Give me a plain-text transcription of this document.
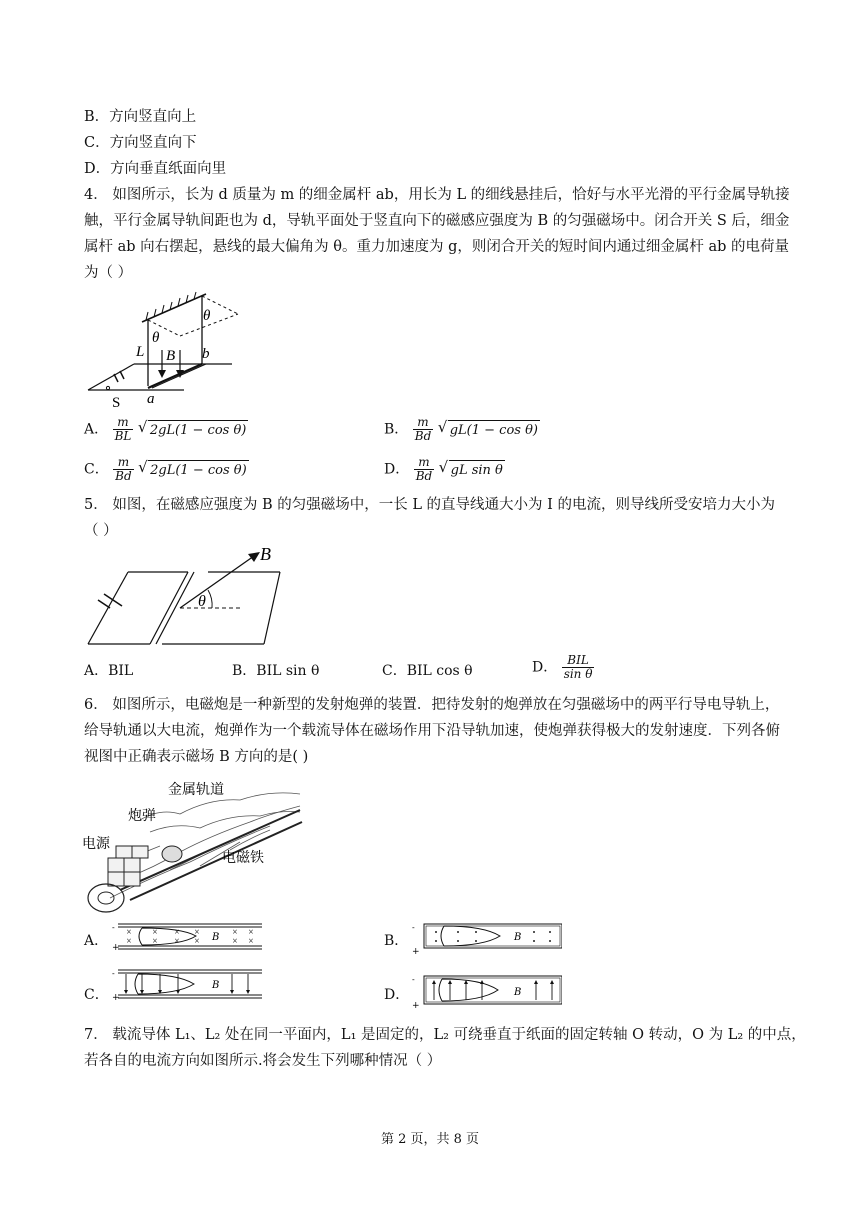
B．方向竖直向上
C．方向竖直向下
D．方向垂直纸面向里
4． 如图所示，长为 d 质量为 m 的细金属杆 ab，用长为 L 的细线悬挂后，恰好与水平光滑的平行金属导轨接
触，平行金属导轨间距也为 d，导轨平面处于竖直向下的磁感应强度为 B 的匀强磁场中。闭合开关 S 后，细金
属杆 ab 向右摆起，悬线的最大偏角为 θ。重力加速度为 g，则闭合开关的短时间内通过细金属杆 ab 的电荷量
为（ ）
L
θ
θ
B b
a
S
A． $\frac{m}{BL}$ √ 2gL(1 − cos θ)	B． $\frac{m}{Bd}$ √ gL(1 − cos θ)
C． $\frac{m}{Bd}$ √ 2gL(1 − cos θ)	D． $\frac{m}{Bd}$ √ gL sin θ
5． 如图，在磁感应强度为 B 的匀强磁场中，一长 L 的直导线通大小为 I 的电流，则导线所受安培力大小为
（ ）
B
θ
A．BIL	B．BIL sin θ	C．BIL cos θ	D． $\frac{\text{BIL}}{\text{sin θ}}$
6． 如图所示，电磁炮是一种新型的发射炮弹的装置．把待发射的炮弹放在匀强磁场中的两平行导电导轨上，
给导轨通以大电流，炮弹作为一个载流导体在磁场作用下沿导轨加速，使炮弹获得极大的发射速度．下列各俯
视图中正确表示磁场 B 方向的是( )
金属轨道
炮弹
电源
电磁铁
A．
-
+
×
×
×
×
×
×
×
×
×
×
×
×
B	B．
-
+
B
C．
-
+
B
D．
-
+
B
7． 载流导体 L₁、L₂ 处在同一平面内，L₁ 是固定的，L₂ 可绕垂直于纸面的固定转轴 O 转动，O 为 L₂ 的中点，
若各自的电流方向如图所示.将会发生下列哪种情况（ ）
第 2 页，共 8 页
